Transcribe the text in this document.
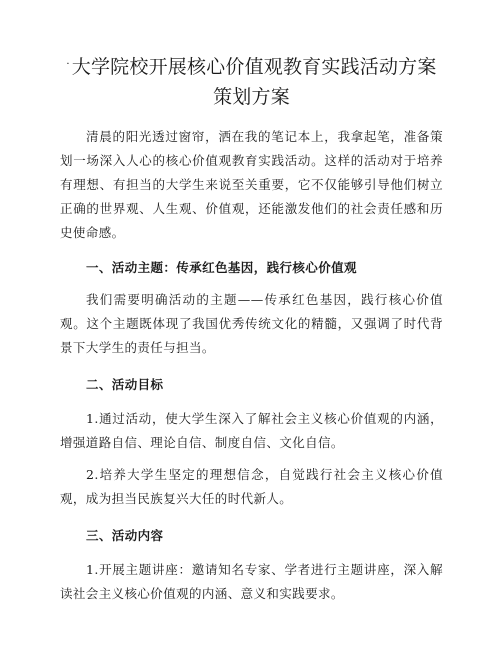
· 大学院校开展核心价值观教育实践活动方案
策划方案

清晨的阳光透过窗帘，洒在我的笔记本上，我拿起笔，准备策划一场深入人心的核心价值观教育实践活动。这样的活动对于培养有理想、有担当的大学生来说至关重要，它不仅能够引导他们树立正确的世界观、人生观、价值观，还能激发他们的社会责任感和历史使命感。

一、活动主题：传承红色基因，践行核心价值观

我们需要明确活动的主题——传承红色基因，践行核心价值观。这个主题既体现了我国优秀传统文化的精髓，又强调了时代背景下大学生的责任与担当。

二、活动目标

1.通过活动，使大学生深入了解社会主义核心价值观的内涵，增强道路自信、理论自信、制度自信、文化自信。

2.培养大学生坚定的理想信念，自觉践行社会主义核心价值观，成为担当民族复兴大任的时代新人。

三、活动内容

1.开展主题讲座：邀请知名专家、学者进行主题讲座，深入解读社会主义核心价值观的内涵、意义和实践要求。
